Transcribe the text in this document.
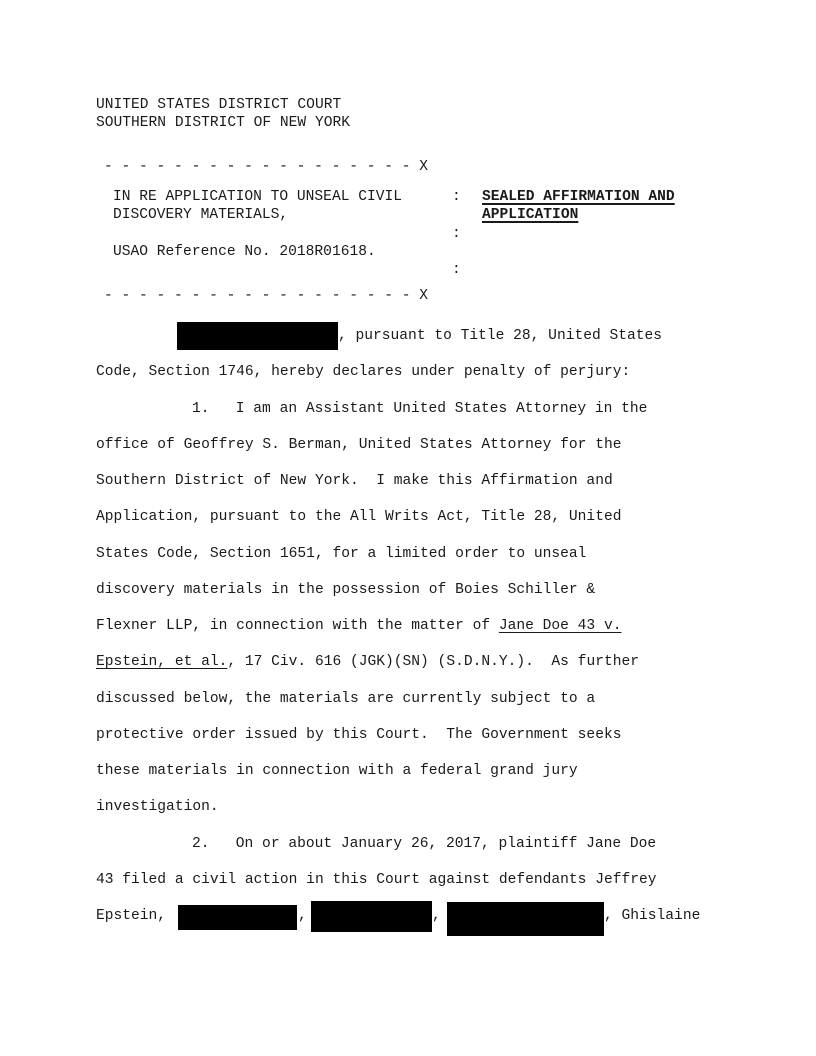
UNITED STATES DISTRICT COURT
SOUTHERN DISTRICT OF NEW YORK
- - - - - - - - - - - - - - - - - - X
IN RE APPLICATION TO UNSEAL CIVIL
DISCOVERY MATERIALS,
USAO Reference No. 2018R01618.
:
:
:
- - - - - - - - - - - - - - - - - - X
SEALED AFFIRMATION AND
APPLICATION
, pursuant to Title 28, United States
Code, Section 1746, hereby declares under penalty of perjury:
1.   I am an Assistant United States Attorney in the
office of Geoffrey S. Berman, United States Attorney for the
Southern District of New York.  I make this Affirmation and
Application, pursuant to the All Writs Act, Title 28, United
States Code, Section 1651, for a limited order to unseal
discovery materials in the possession of Boies Schiller &
Flexner LLP, in connection with the matter of Jane Doe 43 v.
Epstein, et al., 17 Civ. 616 (JGK)(SN) (S.D.N.Y.).  As further
discussed below, the materials are currently subject to a
protective order issued by this Court.  The Government seeks
these materials in connection with a federal grand jury
investigation.
2.   On or about January 26, 2017, plaintiff Jane Doe
43 filed a civil action in this Court against defendants Jeffrey
Epstein,	,	,	, Ghislaine
